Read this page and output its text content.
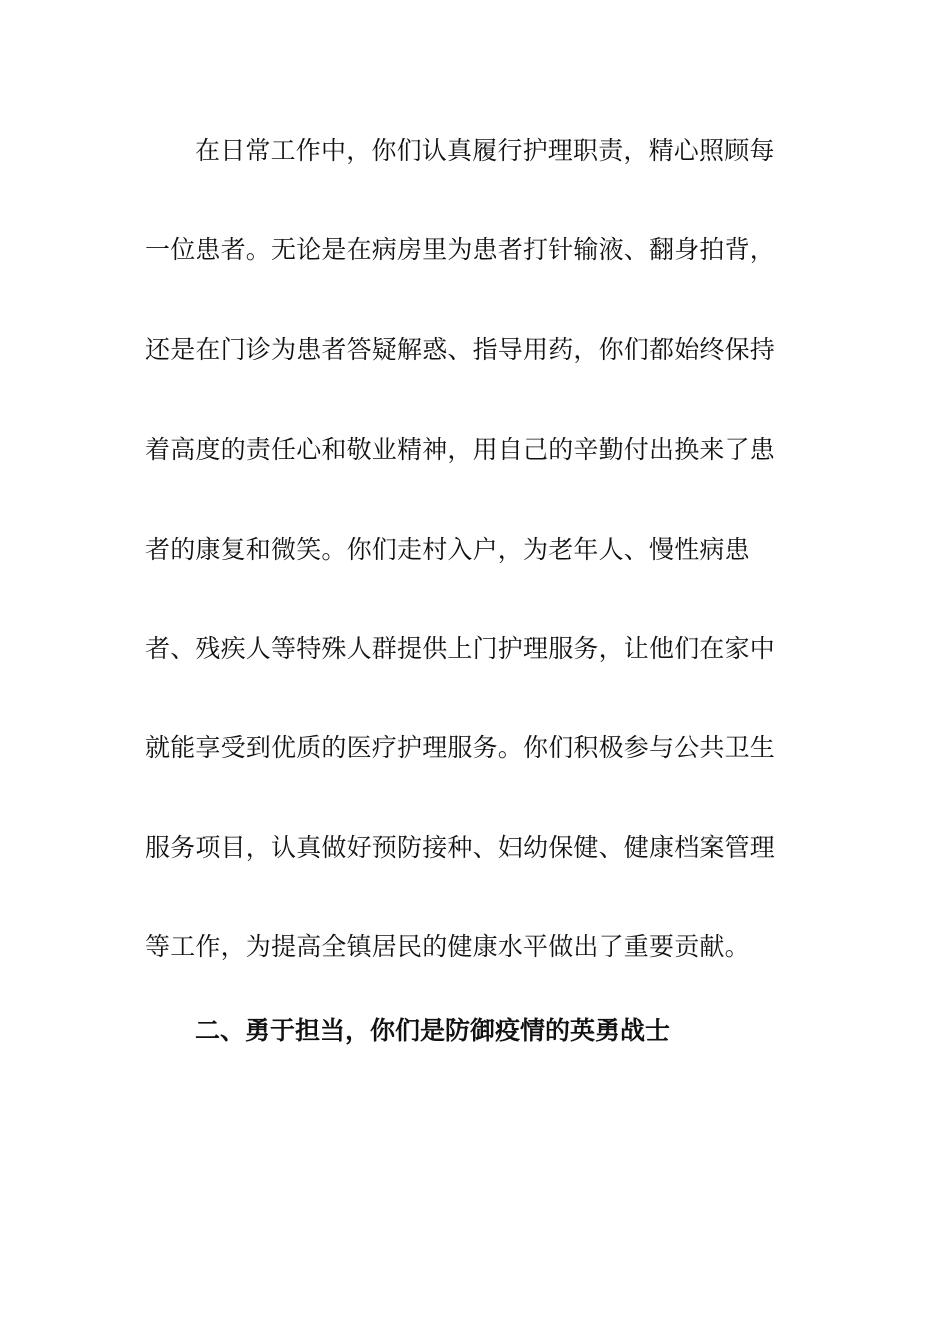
在日常工作中，你们认真履行护理职责，精心照顾每
一位患者。无论是在病房里为患者打针输液、翻身拍背，
还是在门诊为患者答疑解惑、指导用药，你们都始终保持
着高度的责任心和敬业精神，用自己的辛勤付出换来了患
者的康复和微笑。你们走村入户，为老年人、慢性病患
者、残疾人等特殊人群提供上门护理服务，让他们在家中
就能享受到优质的医疗护理服务。你们积极参与公共卫生
服务项目，认真做好预防接种、妇幼保健、健康档案管理
等工作，为提高全镇居民的健康水平做出了重要贡献。
二、勇于担当，你们是防御疫情的英勇战士
